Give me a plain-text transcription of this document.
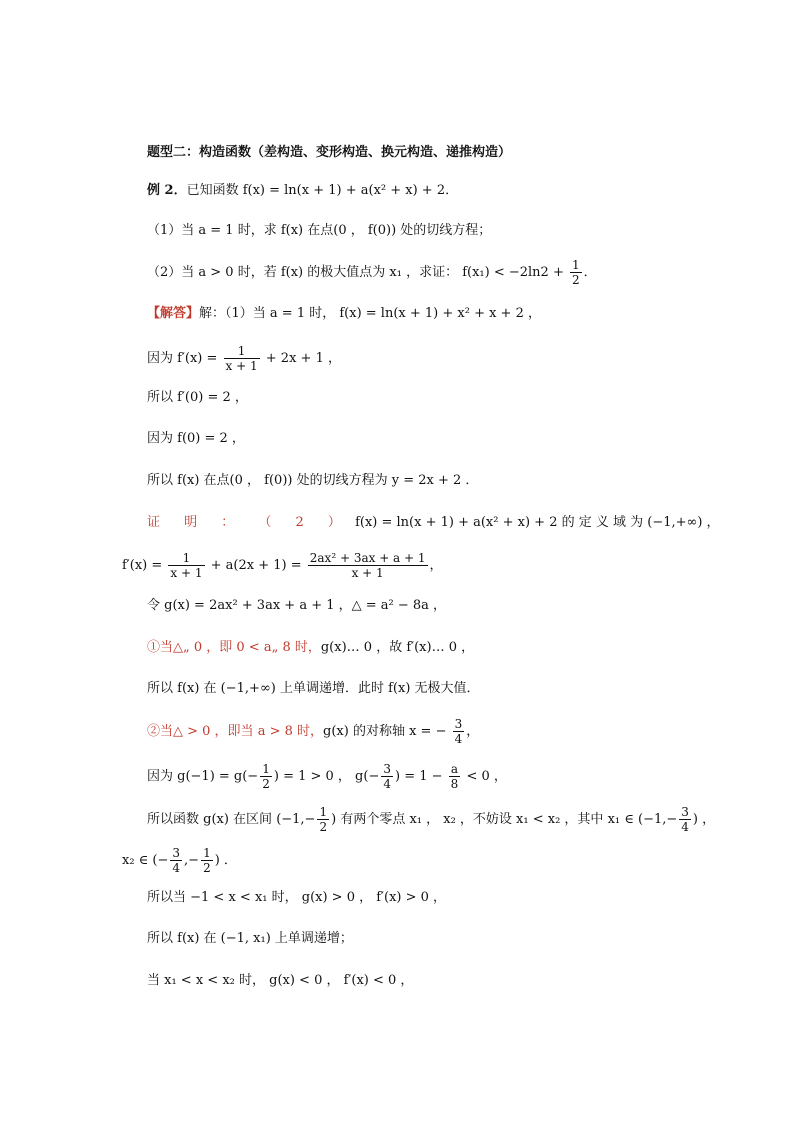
题型二：构造函数（差构造、变形构造、换元构造、递推构造）
例 2．已知函数 f(x) = ln(x + 1) + a(x² + x) + 2．
（1）当 a = 1 时，求 f(x) 在点(0 ， f(0)) 处的切线方程；
（2）当 a > 0 时，若 f(x) 的极大值点为 x₁ ，求证： $f(x_1) < -2\ln 2 + \frac{1}{2}$ ．
【解答】解：（1）当 a = 1 时， f(x) = ln(x + 1) + x² + x + 2 ，
因为 $f'(x) = \frac{1}{x + 1} + 2x + 1$ ，
所以 f′(0) = 2 ，
因为 f(0) = 2 ，
所以 f(x) 在点(0 ， f(0)) 处的切线方程为 y = 2x + 2 ．
证 明 ： （ 2 ） f(x) = ln(x + 1) + a(x² + x) + 2 的 定 义 域 为 (−1,+∞) ，
$f'(x) = \frac{1}{x + 1} + a(2x + 1) = \frac{\text{2ax² + 3ax + a + 1}}{x + 1}$ ，
令 g(x) = 2ax² + 3ax + a + 1 ，△ = a² − 8a ，
①当△„ 0 ，即 0 < a„ 8 时，g(x)… 0 ，故 f′(x)… 0 ，
所以 f(x) 在 (−1,+∞) 上单调递增．此时 f(x) 无极大值．
②当△ > 0 ，即当 a > 8 时，g(x) 的对称轴 x = − $\frac{3}{4}$ ，
因为 $g(-1) = g(- \frac{1}{2}$ ) = 1 > 0 ， $g(- \frac{3}{4}$ ) = $1 - \frac{a}{8} < 0$ ，
所以函数 g(x) 在区间 ($-1,- \frac{1}{2}$ ) 有两个零点 x₁ ， x₂ ，不妨设 x₁ < x₂ ，其中 x₁ ∈ ($-1,- \frac{3}{4}$ ) ，
x₂ ∈ (− $\frac{3}{4}$ ,− $\frac{1}{2}$ ) ．
所以当 −1 < x < x₁ 时， g(x) > 0 ， f′(x) > 0 ，
所以 f(x) 在 (−1, x₁) 上单调递增；
当 x₁ < x < x₂ 时， g(x) < 0 ， f′(x) < 0 ，
